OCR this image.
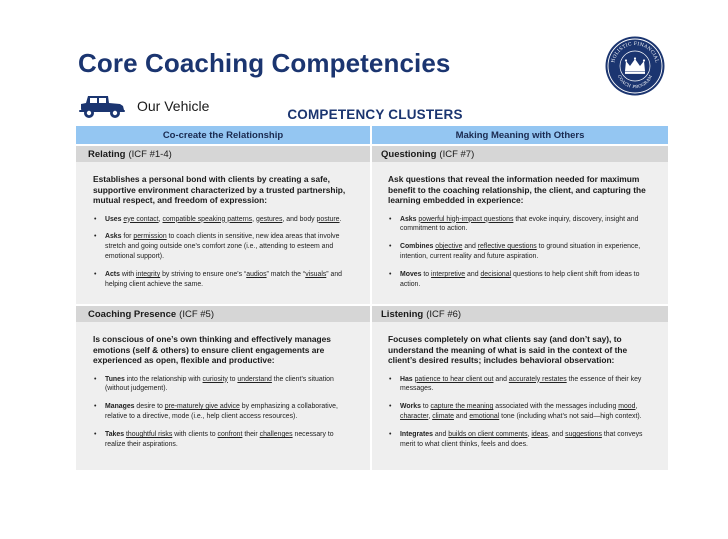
Core Coaching Competencies	HOLISTIC FINANCIAL
COACH PROGRAM
Our Vehicle
COMPETENCY CLUSTERS
Co-create the Relationship	Making Meaning with Others
Relating (ICF #1-4)	Questioning (ICF #7)

Establishes a personal bond with clients by creating a safe, supportive environment characterized by a trusted partnership, mutual respect, and freedom of expression:

• Uses eye contact, compatible speaking patterns, gestures, and body posture.
• Asks for permission to coach clients in sensitive, new idea areas that involve stretch and going outside one’s comfort zone (i.e., attending to esteem and emotional support).
• Acts with integrity by striving to ensure one’s “audios” match the “visuals” and helping client achieve the same.

Ask questions that reveal the information needed for maximum benefit to the coaching relationship, the client, and capturing the learning embedded in experience:

• Asks powerful high-impact questions that evoke inquiry, discovery, insight and commitment to action.
• Combines objective and reflective questions to ground situation in experience, intention, current reality and future aspiration.
• Moves to interpretive and decisional questions to help client shift from ideas to action.
Coaching Presence (ICF #5)	Listening (ICF #6)

Is conscious of one’s own thinking and effectively manages emotions (self & others) to ensure client engagements are experienced as open, flexible and productive:

• Tunes into the relationship with curiosity to understand the client’s situation (without judgement).
• Manages desire to pre-maturely give advice by emphasizing a collaborative, relative to a directive, mode (i.e., help client access resources).
• Takes thoughtful risks with clients to confront their challenges necessary to realize their aspirations.

Focuses completely on what clients say (and don’t say), to understand the meaning of what is said in the context of the client’s desired results; includes behavioral observation:

• Has patience to hear client out and accurately restates the essence of their key messages.
• Works to capture the meaning associated with the messages including mood, character, climate and emotional tone (including what’s not said—high context).
• Integrates and builds on client comments, ideas, and suggestions that conveys merit to what client thinks, feels and does.
